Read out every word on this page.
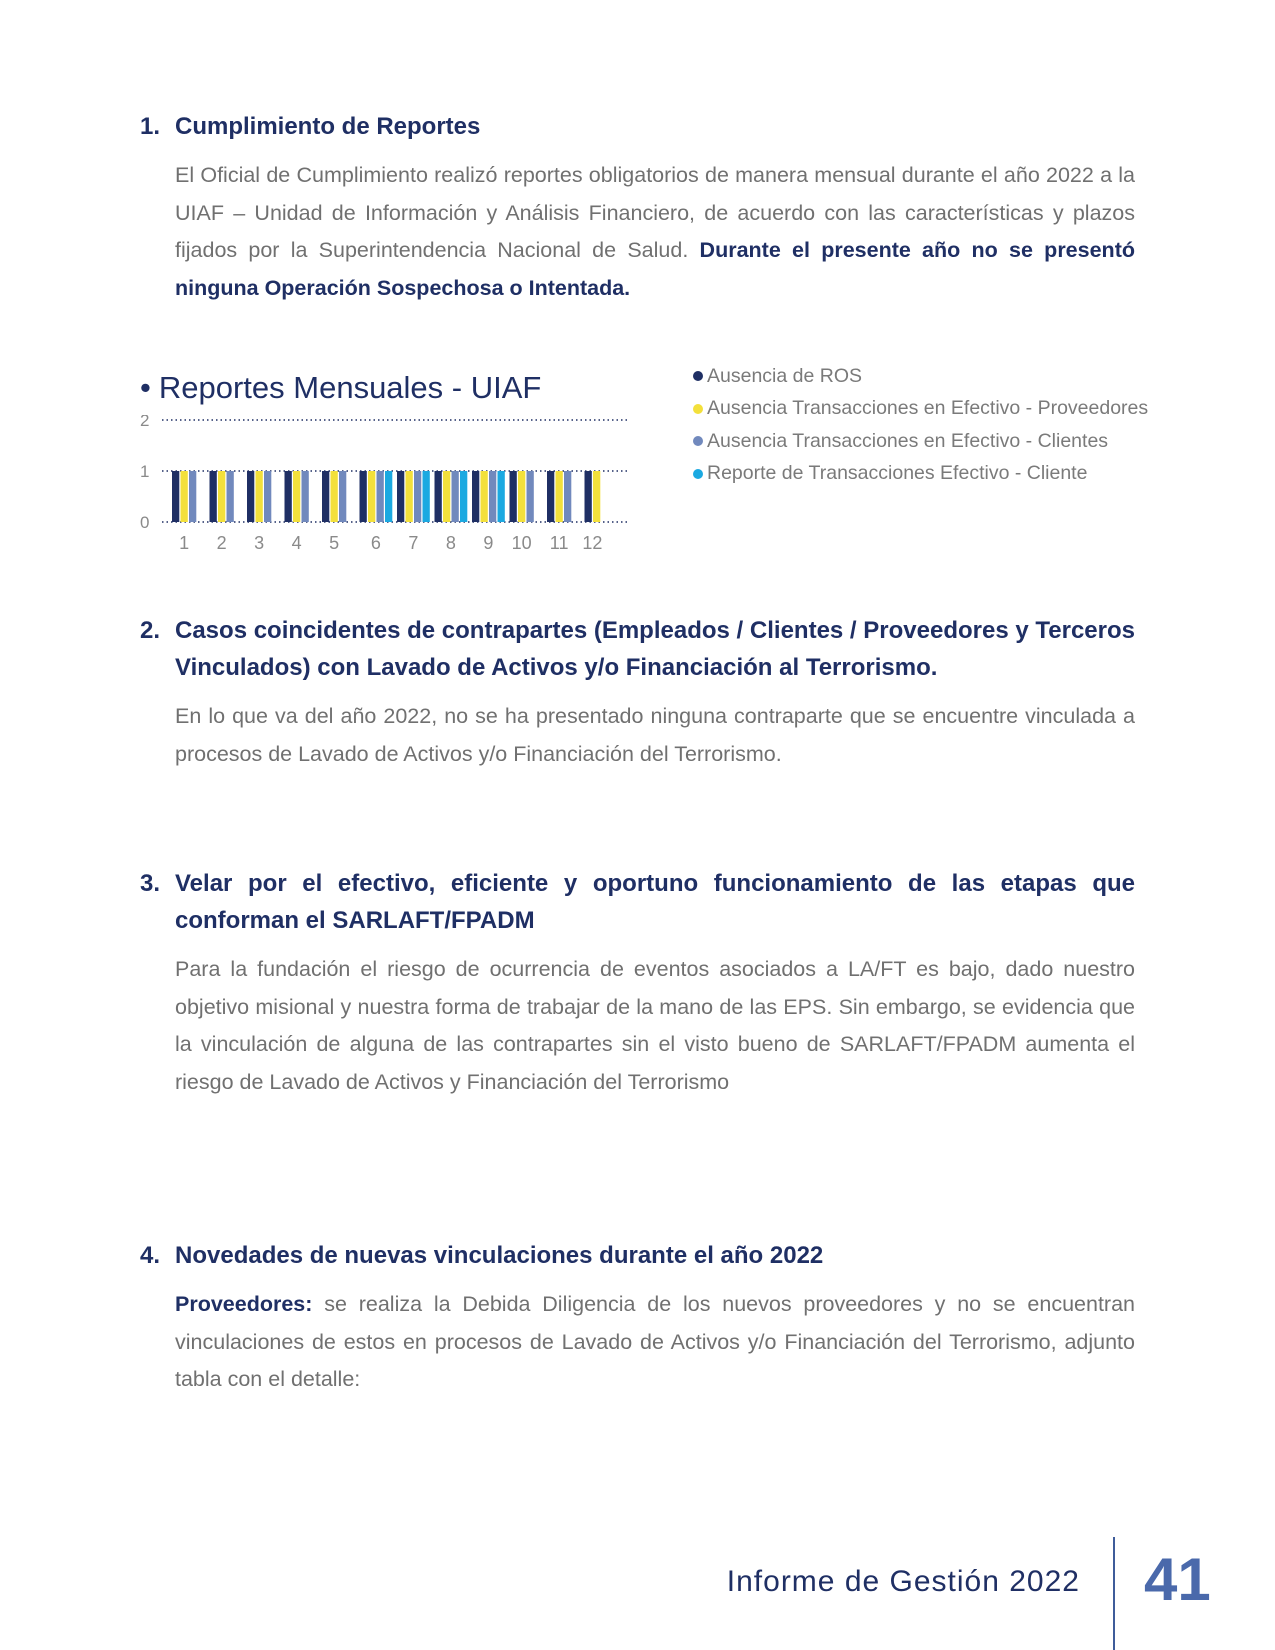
1. Cumplimiento de Reportes
El Oficial de Cumplimiento realizó reportes obligatorios de manera mensual durante el año 2022 a la UIAF – Unidad de Información y Análisis Financiero, de acuerdo con las características y plazos fijados por la Superintendencia Nacional de Salud. Durante el presente año no se presentó ninguna Operación Sospechosa o Intentada.
• Reportes Mensuales - UIAF
0
1
2
1 2 3 4 5 6 7 8 9 10 11 12
Ausencia de ROS
Ausencia Transacciones en Efectivo - Proveedores
Ausencia Transacciones en Efectivo - Clientes
Reporte de Transacciones Efectivo - Cliente
2. Casos coincidentes de contrapartes (Empleados / Clientes / Proveedores y Terceros Vinculados) con Lavado de Activos y/o Financiación al Terrorismo.
En lo que va del año 2022, no se ha presentado ninguna contraparte que se encuentre vinculada a procesos de Lavado de Activos y/o Financiación del Terrorismo.
3. Velar por el efectivo, eficiente y oportuno funcionamiento de las etapas que conforman el SARLAFT/FPADM
Para la fundación el riesgo de ocurrencia de eventos asociados a LA/FT es bajo, dado nuestro objetivo misional y nuestra forma de trabajar de la mano de las EPS. Sin embargo, se evidencia que la vinculación de alguna de las contrapartes sin el visto bueno de SARLAFT/FPADM aumenta el riesgo de Lavado de Activos y Financiación del Terrorismo
4. Novedades de nuevas vinculaciones durante el año 2022
Proveedores: se realiza la Debida Diligencia de los nuevos proveedores y no se encuentran vinculaciones de estos en procesos de Lavado de Activos y/o Financiación del Terrorismo, adjunto tabla con el detalle:
Informe de Gestión 2022 41
